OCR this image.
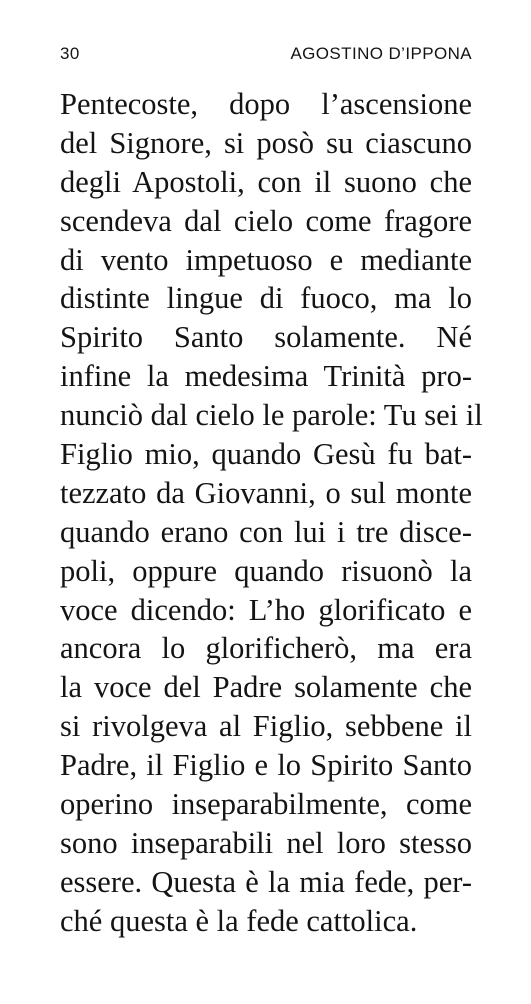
30	AGOSTINO D’IPPONA
Pentecoste, dopo l’ascensione
del Signore, si posò su ciascuno
degli Apostoli, con il suono che
scendeva dal cielo come fragore
di vento impetuoso e mediante
distinte lingue di fuoco, ma lo
Spirito Santo solamente. Né
infine la medesima Trinità pro-
nunciò dal cielo le parole: Tu sei il
Figlio mio, quando Gesù fu bat-
tezzato da Giovanni, o sul monte
quando erano con lui i tre disce-
poli, oppure quando risuonò la
voce dicendo: L’ho glorificato e
ancora lo glorificherò, ma era
la voce del Padre solamente che
si rivolgeva al Figlio, sebbene il
Padre, il Figlio e lo Spirito Santo
operino inseparabilmente, come
sono inseparabili nel loro stesso
essere. Questa è la mia fede, per-
ché questa è la fede cattolica.
